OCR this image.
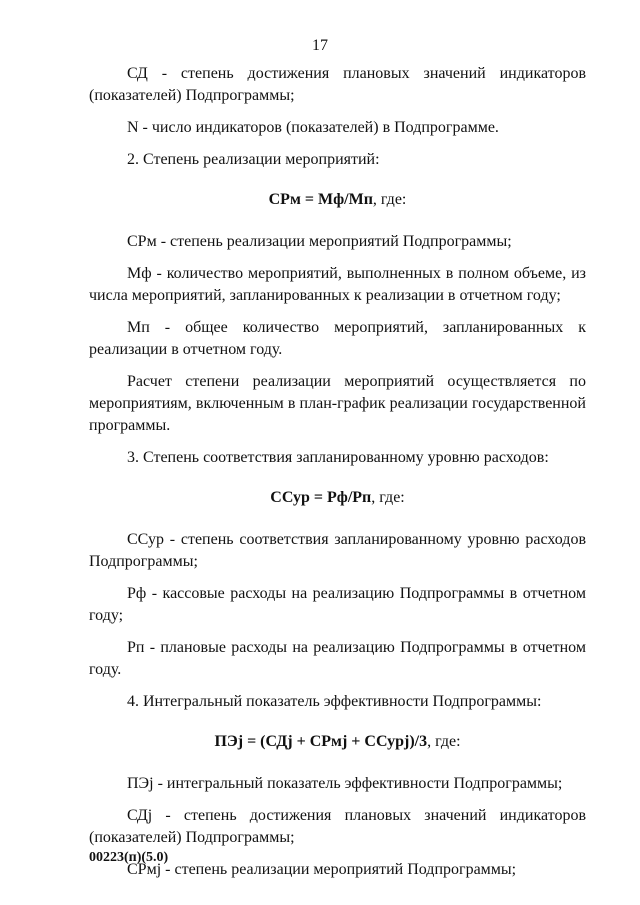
17

СД - степень достижения плановых значений индикаторов (показателей) Подпрограммы;

N - число индикаторов (показателей) в Подпрограмме.

2. Степень реализации мероприятий:

СРм = Мф/Мп, где:

СРм - степень реализации мероприятий Подпрограммы;

Мф - количество мероприятий, выполненных в полном объеме, из числа мероприятий, запланированных к реализации в отчетном году;

Мп - общее количество мероприятий, запланированных к реализации в отчетном году.

Расчет степени реализации мероприятий осуществляется по мероприятиям, включенным в план-график реализации государственной программы.

3. Степень соответствия запланированному уровню расходов:

ССур = Рф/Рп, где:

ССур - степень соответствия запланированному уровню расходов Подпрограммы;

Рф - кассовые расходы на реализацию Подпрограммы в отчетном году;

Рп - плановые расходы на реализацию Подпрограммы в отчетном году.

4. Интегральный показатель эффективности Подпрограммы:

ПЭj = (СДj + СРмj + ССурj)/3, где:

ПЭj - интегральный показатель эффективности Подпрограммы;

СДj - степень достижения плановых значений индикаторов (показателей) Подпрограммы;

СРмj - степень реализации мероприятий Подпрограммы;

00223(п)(5.0)
